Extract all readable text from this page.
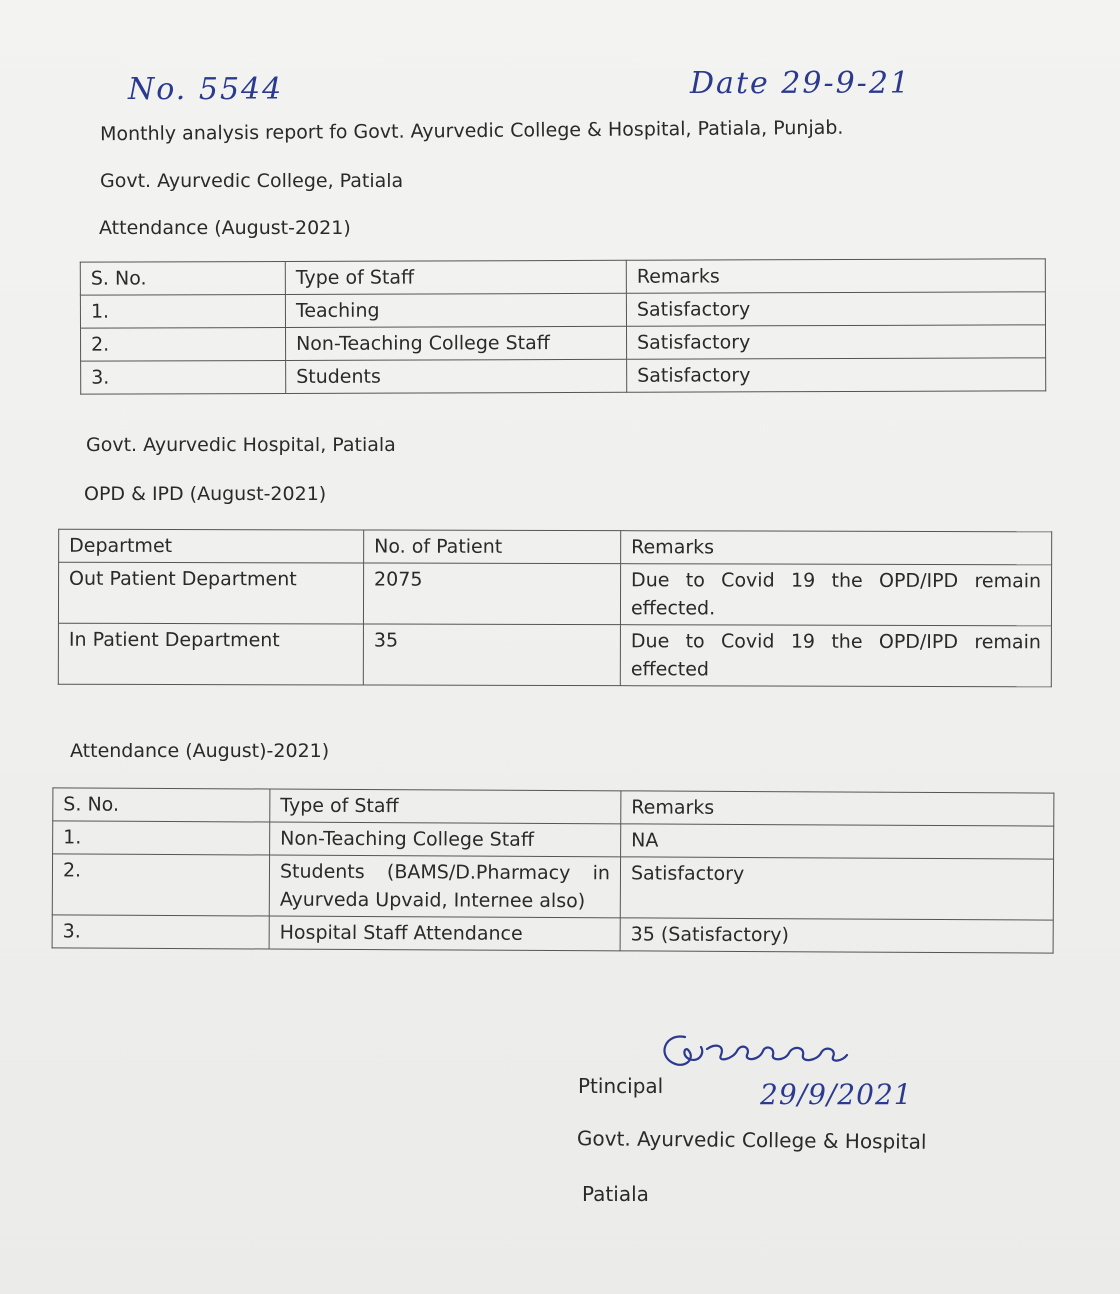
No. 5544	Date 29-9-21
Monthly analysis report fo Govt. Ayurvedic College & Hospital, Patiala, Punjab.
Govt. Ayurvedic College, Patiala
Attendance (August-2021)
S. No.	Type of Staff	Remarks
1.	Teaching	Satisfactory
2.	Non-Teaching College Staff	Satisfactory
3.	Students	Satisfactory
Govt. Ayurvedic Hospital, Patiala
OPD & IPD (August-2021)
Departmet	No. of Patient	Remarks
Out Patient Department	2075	Due to Covid 19 the OPD/IPD remain
effected.

In Patient Department	35	Due to Covid 19 the OPD/IPD remain
effected
Attendance (August)-2021)
S. No.	Type of Staff	Remarks
1.	Non-Teaching College Staff	NA
2.	Students (BAMS/D.Pharmacy in
Ayurveda Upvaid, Internee also)	Satisfactory
3.	Hospital Staff Attendance	35 (Satisfactory)
29/9/2021
Ptincipal
Govt. Ayurvedic College & Hospital
Patiala
